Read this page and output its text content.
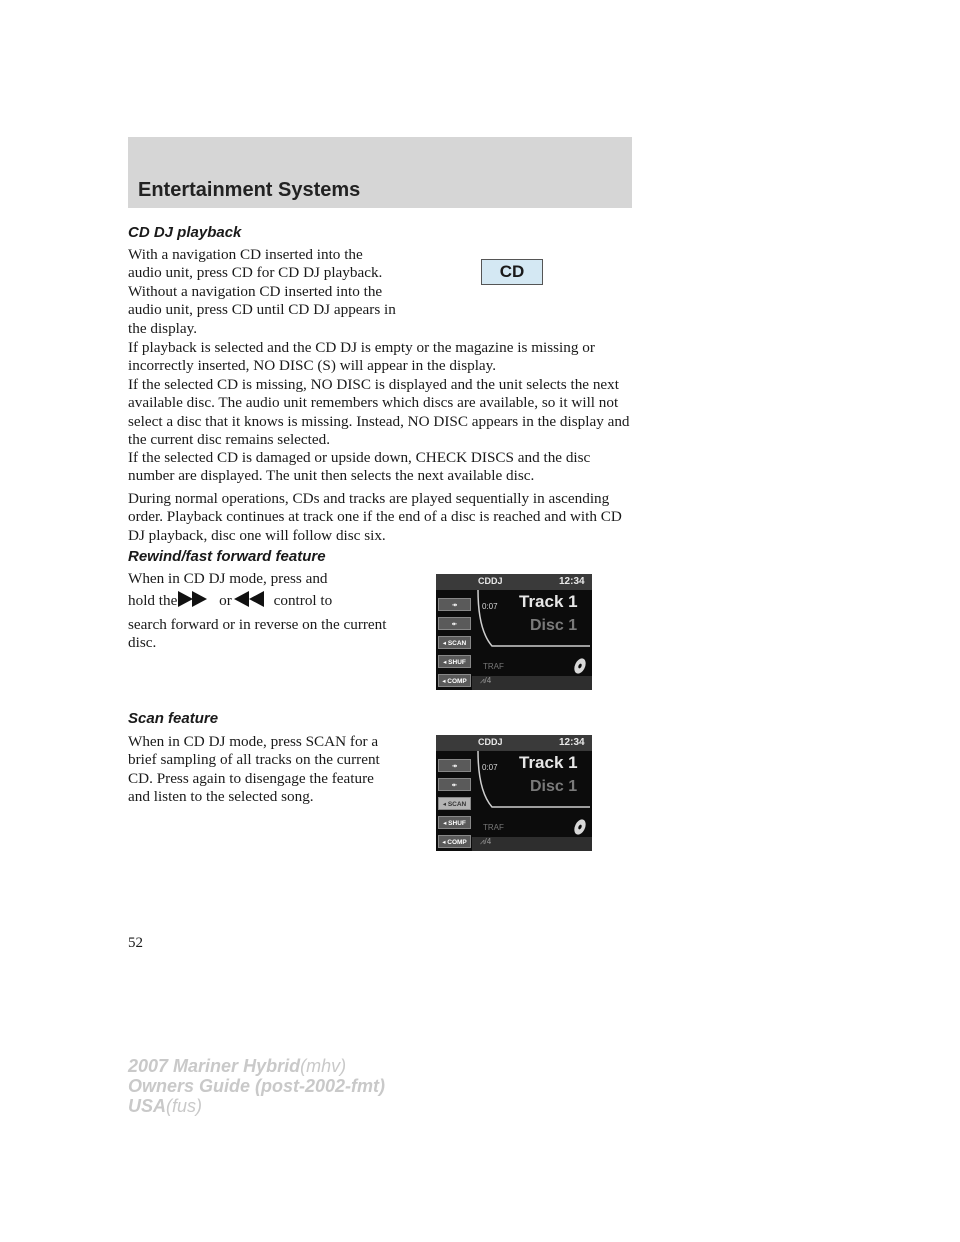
Entertainment Systems
CD DJ playback

With a navigation CD inserted into the audio unit, press CD for CD DJ playback. Without a navigation CD inserted into the audio unit, press CD until CD DJ appears in the display.

CD

If playback is selected and the CD DJ is empty or the magazine is missing or incorrectly inserted, NO DISC (S) will appear in the display.

If the selected CD is missing, NO DISC is displayed and the unit selects the next available disc. The audio unit remembers which discs are available, so it will not select a disc that it knows is missing. Instead, NO DISC appears in the display and the current disc remains selected.

If the selected CD is damaged or upside down, CHECK DISCS and the disc number are displayed. The unit then selects the next available disc.

During normal operations, CDs and tracks are played sequentially in ascending order. Playback continues at track one if the end of a disc is reached and with CD DJ playback, disc one will follow disc six.

Rewind/fast forward feature
When in CD DJ mode, press and
hold the	or	control to
search forward or in reverse on the current disc.
Scan feature

When in CD DJ mode, press SCAN for a brief sampling of all tracks on the current CD. Press again to disengage the feature and listen to the selected song.

CDDJ	12:34
↠
↞
◂ SCAN
◂ SHUF
◂ COMP
0:07 Track 1
Disc 1
TRAF
⩘/4
CDDJ	12:34
↠
↞
◂ SCAN
◂ SHUF
◂ COMP
0:07 Track 1
Disc 1
TRAF
⩘/4
52
2007 Mariner Hybrid(mhv)
Owners Guide (post-2002-fmt)
USA(fus)
